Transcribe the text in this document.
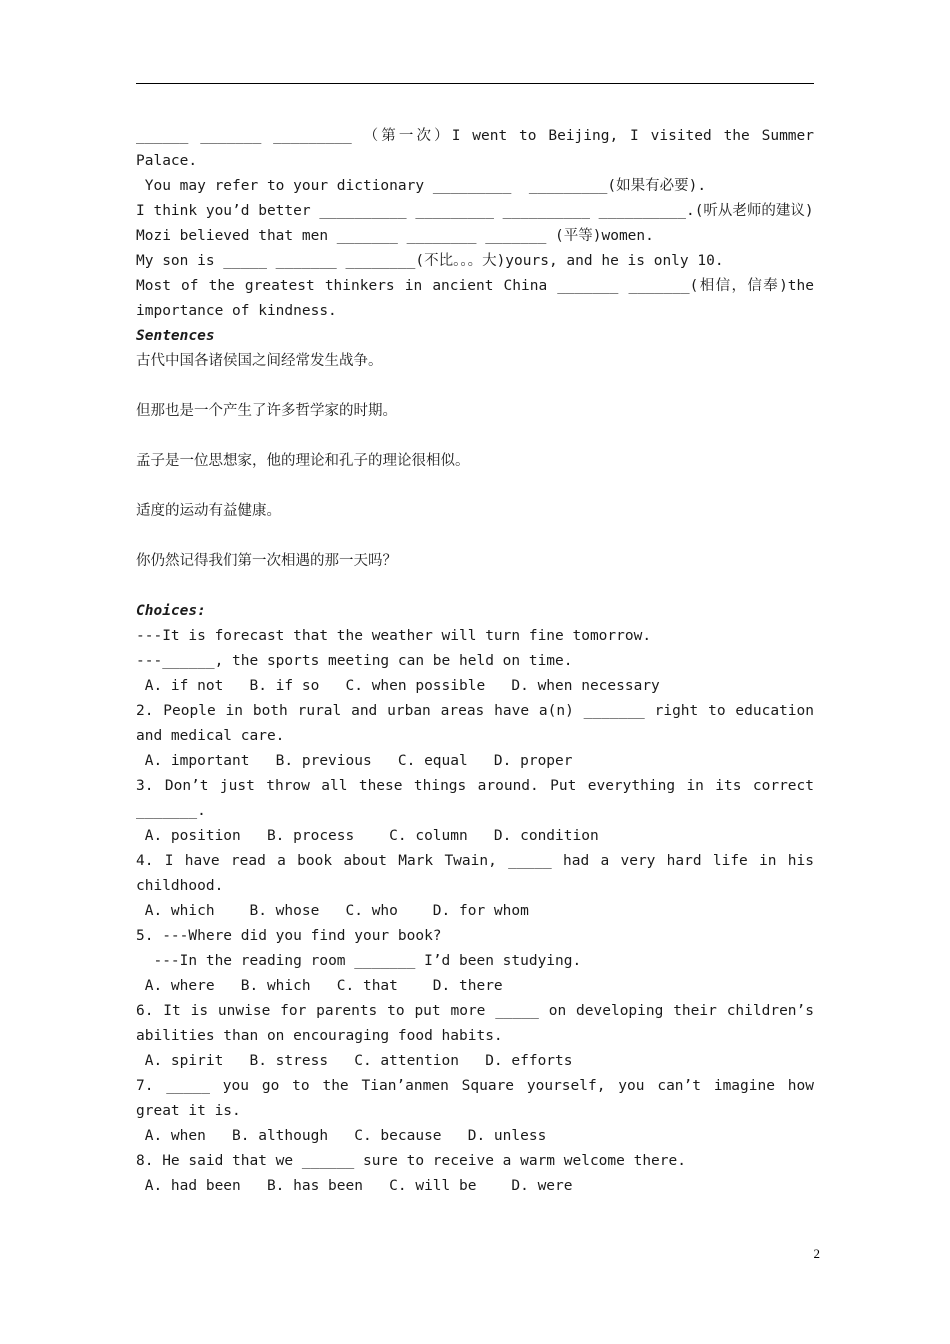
______ _______ _________ （第一次）I went to Beijing, I visited the Summer Palace.
You may refer to your dictionary _________  _________(如果有必要).
I think you’d better __________ _________ __________ __________.(听从老师的建议)
Mozi believed that men _______ ________ _______ (平等)women.
My son is _____ _______ ________(不比。。。大)yours, and he is only 10.
Most of the greatest thinkers in ancient China _______ _______(相信，信奉)the importance of kindness.
Sentences
古代中国各诸侯国之间经常发生战争。
但那也是一个产生了许多哲学家的时期。
孟子是一位思想家，他的理论和孔子的理论很相似。
适度的运动有益健康。
你仍然记得我们第一次相遇的那一天吗？
Choices:
---It is forecast that the weather will turn fine tomorrow.
---______, the sports meeting can be held on time.
A. if not   B. if so   C. when possible   D. when necessary
2. People in both rural and urban areas have a(n) _______ right to education and medical care.
A. important   B. previous   C. equal   D. proper
3. Don’t just throw all these things around. Put everything in its correct _______.
A. position   B. process    C. column   D. condition
4. I have read a book about Mark Twain, _____ had a very hard life in his childhood.
A. which    B. whose   C. who    D. for whom
5. ---Where did you find your book?
---In the reading room _______ I’d been studying.
A. where   B. which   C. that    D. there
6. It is unwise for parents to put more _____ on developing their children’s abilities than on encouraging food habits.
A. spirit   B. stress   C. attention   D. efforts
7. _____ you go to the Tian’anmen Square yourself, you can’t imagine how great it is.
A. when   B. although   C. because   D. unless
8. He said that we ______ sure to receive a warm welcome there.
A. had been   B. has been   C. will be    D. were
2
